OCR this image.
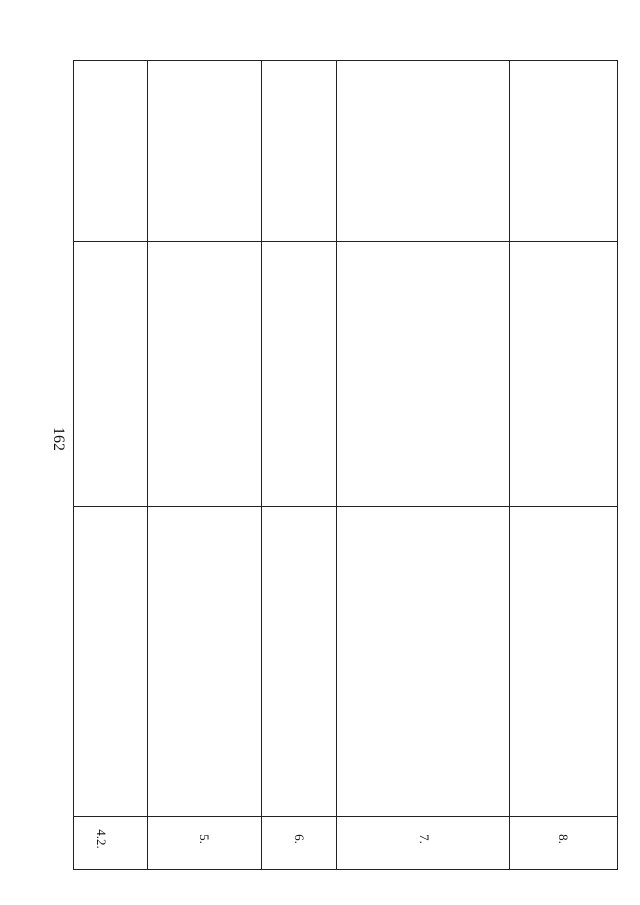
162
4.2.	5.	6.	7.	8.
